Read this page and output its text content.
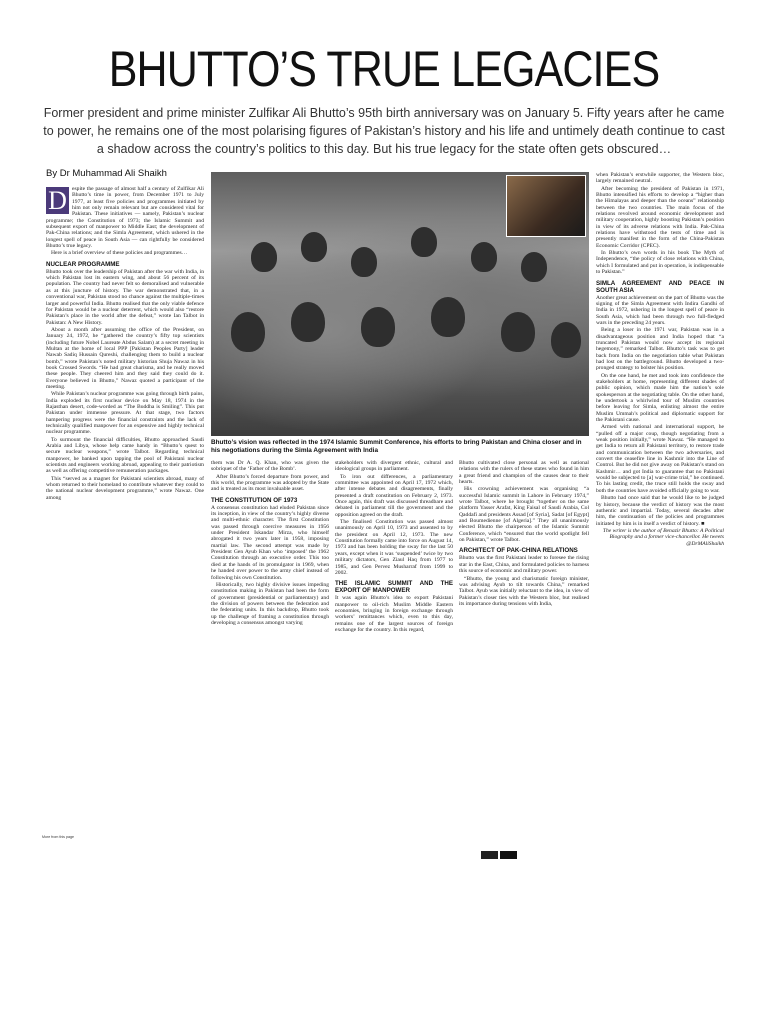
BHUTTO’S TRUE LEGACIES

Former president and prime minister Zulfikar Ali Bhutto’s 95th birth anniversary was on January 5. Fifty years after he came to power, he remains one of the most polarising figures of Pakistan’s history and his life and untimely death continue to cast a shadow across the country’s politics to this day. But his true legacy for the state often gets obscured…

By Dr Muhammad Ali Shaikh

D espite the passage of almost half a century of Zulfikar Ali Bhutto’s time in power, from December 1971 to July 1977, at least five policies and programmes initiated by him not only remain relevant but are considered vital for Pakistan. These initiatives — namely, Pakistan’s nuclear programme; the Constitution of 1973; the Islamic Summit and subsequent export of manpower to Middle East; the development of Pak-China relations; and the Simla Agreement, which ushered in the longest spell of peace in South Asia — can rightfully be considered Bhutto’s true legacy.

Here is a brief overview of these policies and programmes…

NUCLEAR PROGRAMME

Bhutto took over the leadership of Pakistan after the war with India, in which Pakistan lost its eastern wing, and about 56 percent of its population. The country had never felt so demoralised and vulnerable as at this juncture of history. The war demonstrated that, in a conventional war, Pakistan stood no chance against the multiple-times larger and powerful India. Bhutto realised that the only viable defence for Pakistan would be a nuclear deterrent, which would also “restore Pakistan’s place in the world after the defeat,” wrote Ian Talbot in Pakistan: A New History.

About a month after assuming the office of the President, on January 24, 1972, he “gathered the country’s fifty top scientists (including future Nobel Laureate Abdus Salam) at a secret meeting in Multan at the home of local PPP [Pakistan Peoples Party] leader Nawab Sadiq Hussain Qureshi, challenging them to build a nuclear bomb,” wrote Pakistan’s noted military historian Shuja Nawaz in his book Crossed Swords. “He had great charisma, and he really moved these people. They cheered him and they said they could do it. Everyone believed in Bhutto,” Nawaz quoted a participant of the meeting.

While Pakistan’s nuclear programme was going through birth pains, India exploded its first nuclear device on May 18, 1974 in the Rajasthan desert, code-worded as “The Buddha is Smiling”. This put Pakistan under immense pressure. At that stage, two factors hampering progress were the financial constraints and the lack of technically qualified manpower for an expensive and highly technical nuclear programme.

To surmount the financial difficulties, Bhutto approached Saudi Arabia and Libya, whose help came handy in “Bhutto’s quest to secure nuclear weapons,” wrote Talbot. Regarding technical manpower, he banked upon tapping the pool of Pakistani nuclear scientists and engineers working abroad, appealing to their patriotism as well as offering competitive remuneration packages.

This “served as a magnet for Pakistani scientists abroad, many of whom returned to their homeland to contribute whatever they could to the national nuclear development programme,” wrote Nawaz. One among

Bhutto’s vision was reflected in the 1974 Islamic Summit Conference, his efforts to bring Pakistan and China closer and in his negotiations during the Simla Agreement with India

them was Dr A. Q. Khan, who was given the sobriquet of the ‘Father of the Bomb’.

After Bhutto’s forced departure from power, and this world, the programme was adopted by the State and is treated as its most invaluable asset.

THE CONSTITUTION OF 1973

A consensus constitution had eluded Pakistan since its inception, in view of the country’s highly diverse and multi-ethnic character. The first Constitution was passed through coercive measures in 1956 under President Iskandar Mirza, who himself abrogated it two years later in 1958, imposing martial law. The second attempt was made by President Gen Ayub Khan who ‘imposed’ the 1962 Constitution through an executive order. This too died at the hands of its promulgator in 1969, when he handed over power to the army chief instead of following his own Constitution.

Historically, two highly divisive issues impeding constitution making in Pakistan had been the form of government (presidential or parliamentary) and the division of powers between the federation and the federating units. In this backdrop, Bhutto took up the challenge of framing a constitution through developing a consensus amongst varying

stakeholders with divergent ethnic, cultural and ideological groups in parliament.

To iron out differences, a parliamentary committee was appointed on April 17, 1972 which, after intense debates and disagreements, finally presented a draft constitution on February 2, 1973. Once again, this draft was discussed threadbare and debated in parliament till the government and the opposition agreed on the draft.

The finalised Constitution was passed almost unanimously on April 10, 1973 and assented to by the president on April 12, 1973. The new Constitution formally came into force on August 14, 1973 and has been holding the sway for the last 50 years, except when it was ‘suspended’ twice by two military dictators, Gen Ziaul Haq from 1977 to 1985, and Gen Pervez Musharraf from 1999 to 2002.

THE ISLAMIC SUMMIT AND THE EXPORT OF MANPOWER

It was again Bhutto’s idea to export Pakistani manpower to oil-rich Muslim Middle Eastern economies, bringing in foreign exchange through workers’ remittances which, even to this day, remains one of the largest sources of foreign exchange for the country. In this regard,

Bhutto cultivated close personal as well as national relations with the rulers of these states who found in him a great friend and champion of the causes dear to their hearts.

His crowning achievement was organising “a successful Islamic summit in Lahore in February 1974,” wrote Talbot, where he brought “together on the same platform Yasser Arafat, King Faisal of Saudi Arabia, Col Qaddafi and presidents Assad [of Syria], Sadat [of Egypt] and Boumedienne [of Algeria].” They all unanimously elected Bhutto the chairperson of the Islamic Summit Conference, which “ensured that the world spotlight fell on Pakistan,” wrote Talbot.

ARCHITECT OF PAK-CHINA RELATIONS

Bhutto was the first Pakistani leader to foresee the rising star in the East, China, and formulated policies to harness this source of economic and military power.

“Bhutto, the young and charismatic foreign minister, was advising Ayub to tilt towards China,” remarked Talbot. Ayub was initially reluctant to the idea, in view of Pakistan’s closer ties with the Western bloc, but realised its importance during tensions with India,

when Pakistan’s erstwhile supporter, the Western bloc, largely remained neutral.

After becoming the president of Pakistan in 1971, Bhutto intensified his efforts to develop a “higher than the Himalayas and deeper than the oceans” relationship between the two countries. The main focus of the relations revolved around economic development and military cooperation, highly boosting Pakistan’s position in view of its adverse relations with India. Pak-China relations have withstood the tests of time and is presently manifest in the form of the China-Pakistan Economic Corridor (CPEC).

In Bhutto’s own words in his book The Myth of Independence, “the policy of close relations with China, which I formulated and put in operation, is indispensable to Pakistan.”

SIMLA AGREEMENT AND PEACE IN SOUTH ASIA

Another great achievement on the part of Bhutto was the signing of the Simla Agreement with Indira Gandhi of India in 1972, ushering in the longest spell of peace in South Asia, which had been through two full-fledged wars in the preceding 24 years.

Being a loser in the 1971 war, Pakistan was in a disadvantageous position and India hoped that “a truncated Pakistan would now accept its regional hegemony,” remarked Talbot. Bhutto’s task was to get back from India on the negotiation table what Pakistan had lost on the battleground. Bhutto developed a two-pronged strategy to bolster his position.

On the one hand, he met and took into confidence the stakeholders at home, representing different shades of public opinion, which made him the nation’s sole spokesperson at the negotiating table. On the other hand, he undertook a whirlwind tour of Muslim countries before leaving for Simla, enlisting almost the entire Muslim Ummah’s political and diplomatic support for the Pakistani cause.

Armed with national and international support, he “pulled off a major coup, though negotiating from a weak position initially,” wrote Nawaz. “He managed to get India to return all Pakistani territory, to restore trade and communication between the two adversaries, and convert the ceasefire line in Kashmir into the Line of Control. But he did not give away on Pakistan’s stand on Kashmir… and got India to guarantee that no Pakistani would be subjected to [a] war-crime trial,” he continued. To his lasting credit, the truce still holds the sway and both the countries have avoided officially going to war.

Bhutto had once said that he would like to be judged by history, because the verdict of history was the most authentic and impartial. Today, several decades after him, the continuation of the policies and programmes initiated by him is in itself a verdict of history. ■

The writer is the author of Benazir Bhutto: A Political Biography and a former vice-chancellor. He tweets @DrMAliShaikh

More from this page
